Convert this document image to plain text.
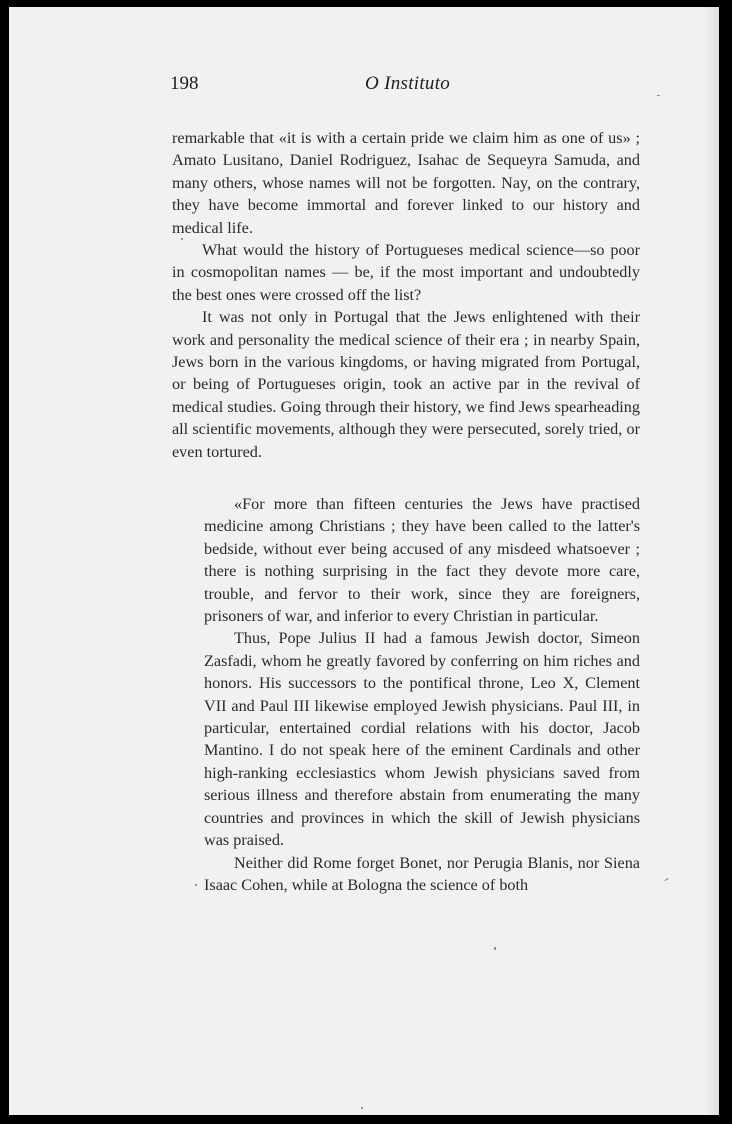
198	O Instituto

remarkable that «it is with a certain pride we claim him as one of us» ; Amato Lusitano, Daniel Rodriguez, Isahac de Sequeyra Samuda, and many others, whose names will not be forgotten. Nay, on the contrary, they have become immortal and forever linked to our history and medical life.

What would the history of Portugueses medical science—so poor in cosmopolitan names — be, if the most important and undoubtedly the best ones were crossed off the list?

It was not only in Portugal that the Jews enlightened with their work and personality the medical science of their era ; in nearby Spain, Jews born in the various kingdoms, or having migrated from Portugal, or being of Portugueses origin, took an active par in the revival of medical studies. Going through their history, we find Jews spearheading all scientific movements, although they were persecuted, sorely tried, or even tortured.

«For more than fifteen centuries the Jews have practised medicine among Christians ; they have been called to the latter's bedside, without ever being accused of any misdeed whatsoever ; there is nothing surprising in the fact they devote more care, trouble, and fervor to their work, since they are foreigners, prisoners of war, and inferior to every Christian in particular.

Thus, Pope Julius II had a famous Jewish doctor, Simeon Zasfadi, whom he greatly favored by conferring on him riches and honors. His successors to the pontifical throne, Leo X, Clement VII and Paul III likewise employed Jewish physicians. Paul III, in particular, entertained cordial relations with his doctor, Jacob Mantino. I do not speak here of the eminent Cardinals and other high-ranking ecclesiastics whom Jewish physicians saved from serious illness and therefore abstain from enumerating the many countries and provinces in which the skill of Jewish physicians was praised.

Neither did Rome forget Bonet, nor Perugia Blanis, nor Siena Isaac Cohen, while at Bologna the science of both
